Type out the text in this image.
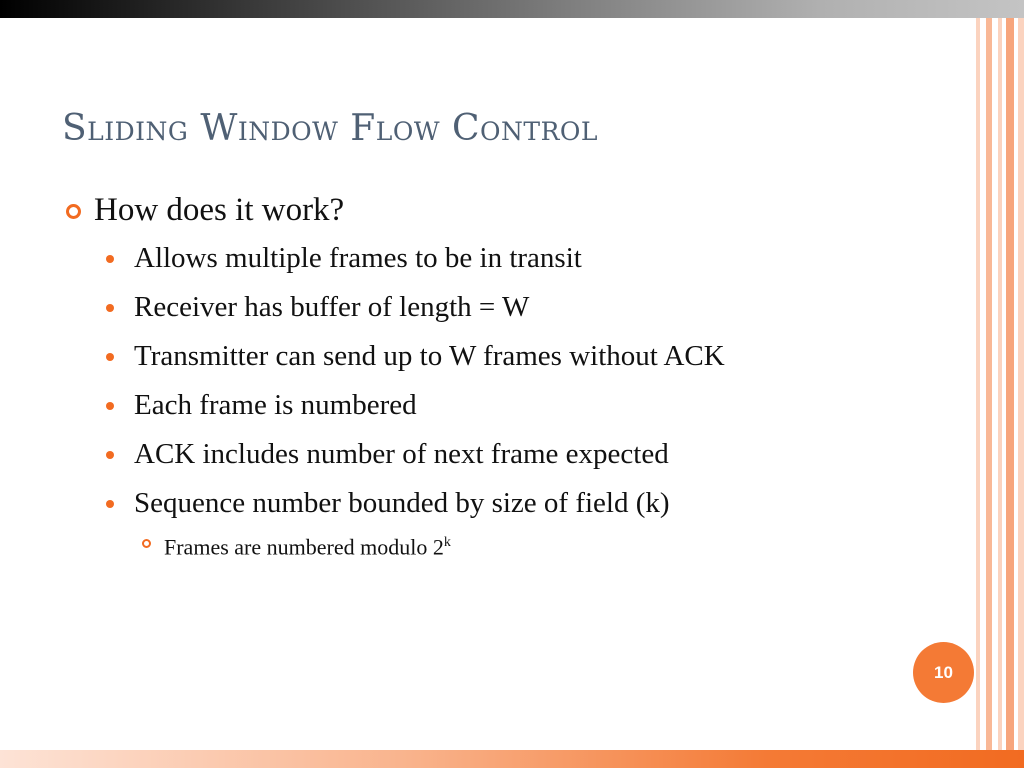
Sliding Window Flow Control
How does it work?
Allows multiple frames to be in transit
Receiver has buffer of length = W
Transmitter can send up to W frames without ACK
Each frame is numbered
ACK includes number of next frame expected
Sequence number bounded by size of field (k)
Frames are numbered modulo 2$^k$
10
